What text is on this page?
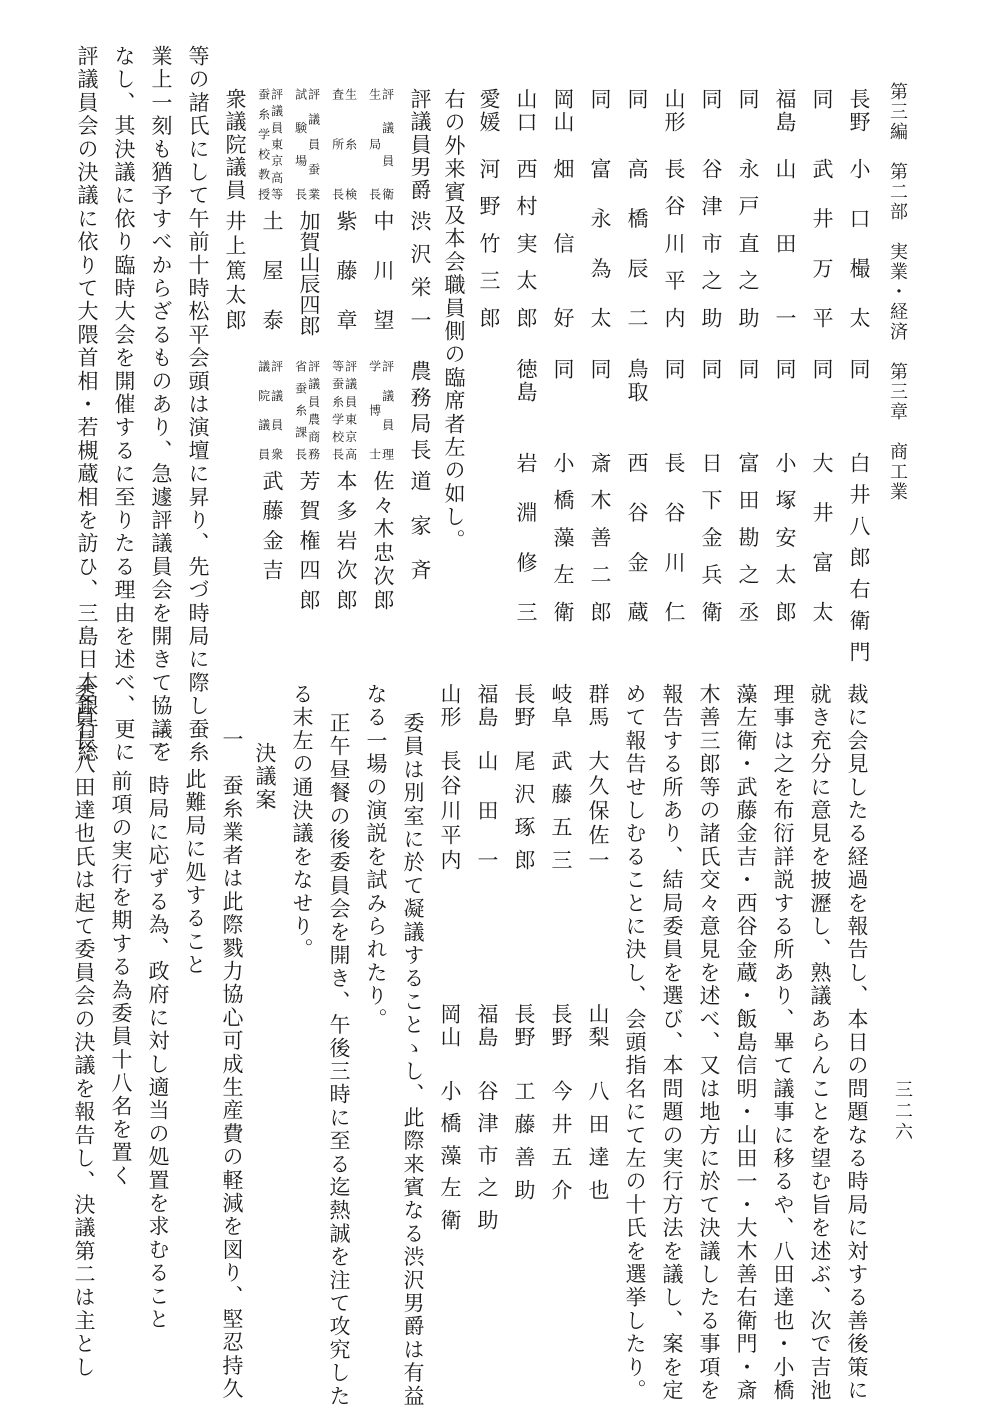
第三編　第二部　実業・経済　第三章　商工業
三二六
長野
小口樶太
同
白井八郎右衛門
同
武井万平
同
大井富太
福島
山田一
同
小塚安太郎
同
永戸直之助
同
富田勘之丞
同
谷津市之助
同
日下金兵衛
山形
長谷川平内
同
長谷川仁
同
高橋辰二
鳥取
西谷金蔵
同
富永為太
同
斎木善二郎
岡山
畑信好
同
小橋藻左衛
山口
西村実太郎
徳島
岩淵修三
愛媛
河野竹三郎
右の外来賓及本会職員側の臨席者左の如し。
評議員男爵
渋沢栄一
農務局長
道家斉
評議員衛
生局長
中川望
評議員理
学博士
佐々木忠次郎
生糸検
査所長
紫藤章
評議員東京高
等蚕糸学校長
本多岩次郎
評議員蚕業
試験場長
加賀山辰四郎
評議員農商務
省蚕糸課長
芳賀権四郎
評議員東京高等
蚕糸学校教授
土屋泰
評議員衆
議院議員
武藤金吉
衆議院議員
井上篤太郎
等の諸氏にして午前十時松平会頭は演壇に昇り、先づ時局に際し蚕糸
業上一刻も猶予すべからざるものあり、急遽評議員会を開きて協議を
なし、其決議に依り臨時大会を開催するに至りたる理由を述べ、更に
評議員会の決議に依りて大隈首相・若槻蔵相を訪ひ、三島日本銀行総
裁に会見したる経過を報告し、本日の問題なる時局に対する善後策に
就き充分に意見を披瀝し、熟議あらんことを望む旨を述ぶ、次で吉池
理事は之を布衍詳説する所あり、畢て議事に移るや、八田達也・小橋
藻左衛・武藤金吉・西谷金蔵・飯島信明・山田一・大木善右衛門・斎
木善三郎等の諸氏交々意見を述べ、又は地方に於て決議したる事項を
報告する所あり、結局委員を選び、本問題の実行方法を議し、案を定
めて報告せしむることに決し、会頭指名にて左の十氏を選挙したり。
群馬
大久保佐一
山梨
八田達也
岐阜
武藤五三
長野
今井五介
長野
尾沢琢郎
長野
工藤善助
福島
山田一
福島
谷津市之助
山形
長谷川平内
岡山
小橋藻左衛
委員は別室に於て凝議することゝし、此際来賓なる渋沢男爵は有益
なる一場の演説を試みられたり。
正午昼餐の後委員会を開き、午後三時に至る迄熱誠を注て攻究した
る末左の通決議をなせり。
決議案
一　蚕糸業者は此際戮力協心可成生産費の軽減を図り、堅忍持久
此難局に処すること
二　時局に応ずる為、政府に対し適当の処置を求むること
前項の実行を期する為委員十八名を置く
委員長八田達也氏は起て委員会の決議を報告し、決議第二は主とし
